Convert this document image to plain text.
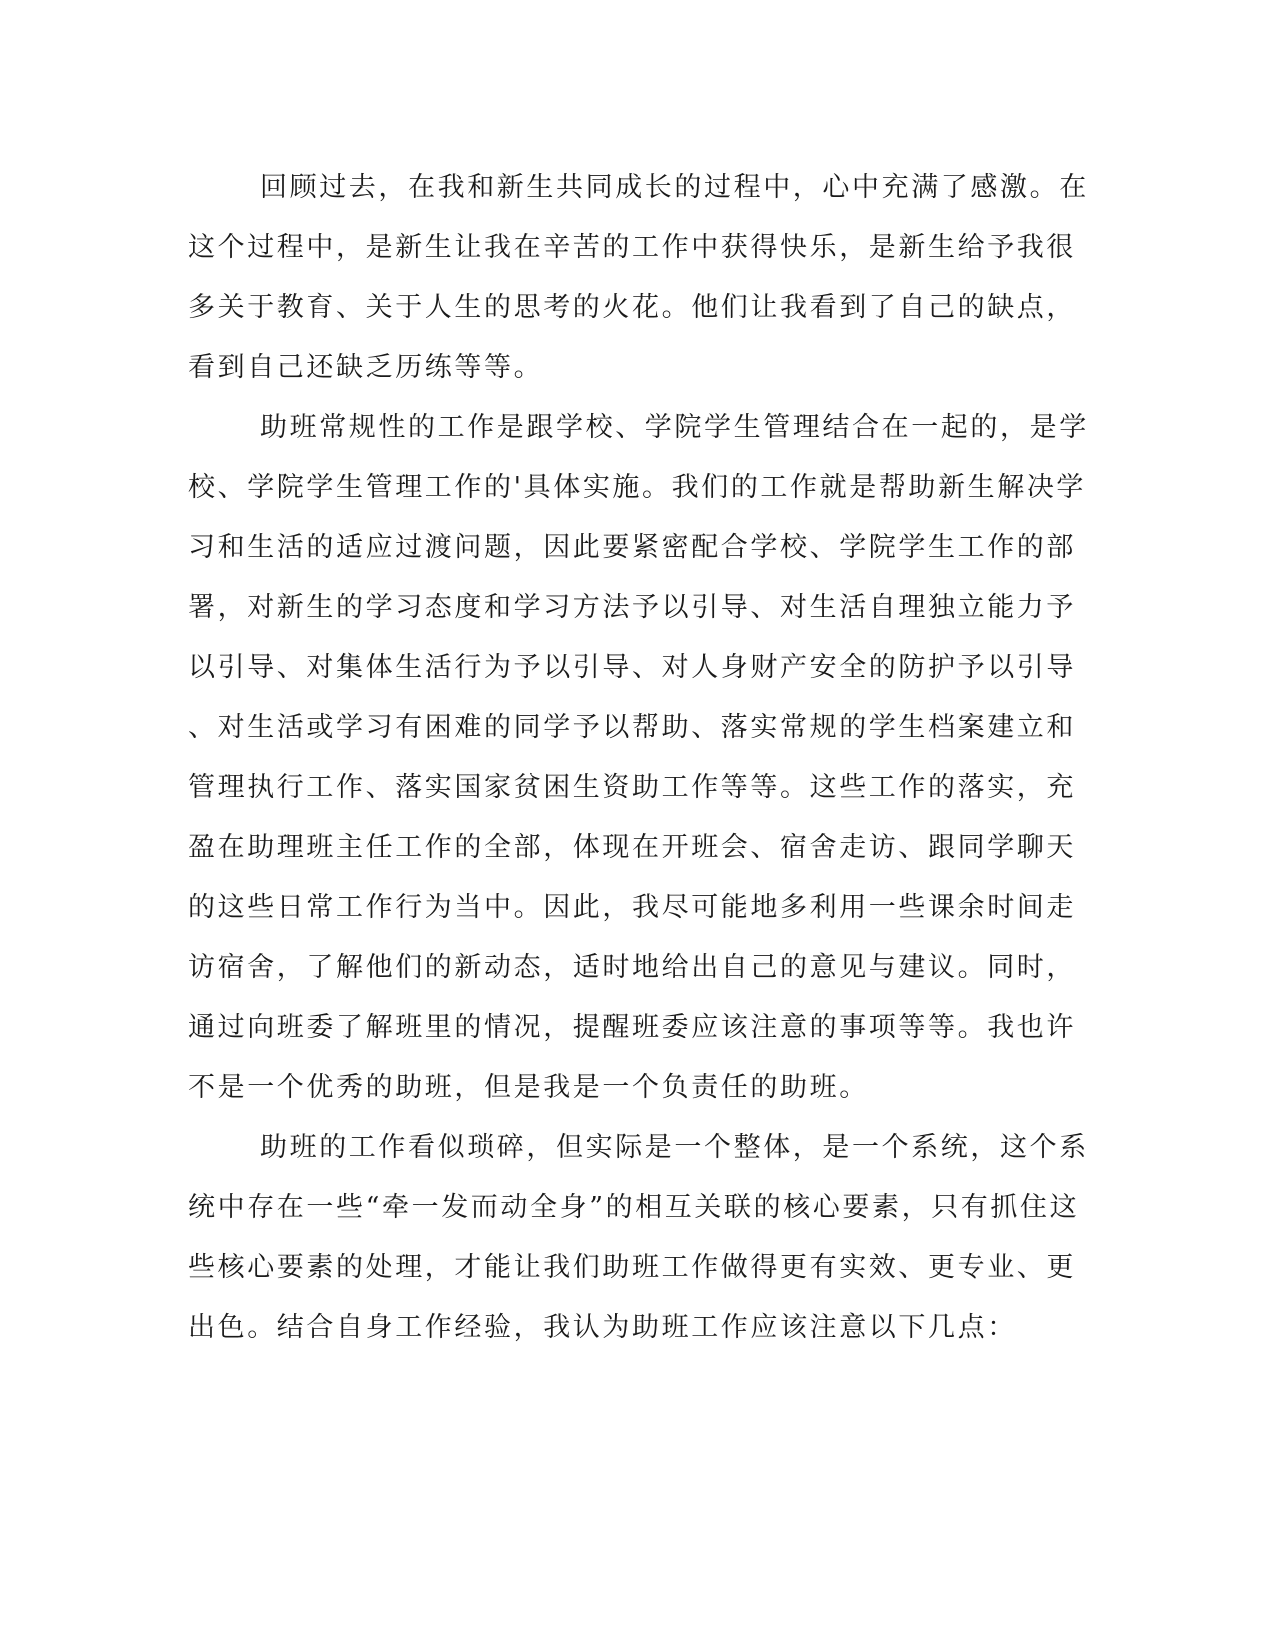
回顾过去，在我和新生共同成长的过程中，心中充满了感激。在
这个过程中，是新生让我在辛苦的工作中获得快乐，是新生给予我很
多关于教育、关于人生的思考的火花。他们让我看到了自己的缺点，
看到自己还缺乏历练等等。
助班常规性的工作是跟学校、学院学生管理结合在一起的，是学
校、学院学生管理工作的'具体实施。我们的工作就是帮助新生解决学
习和生活的适应过渡问题，因此要紧密配合学校、学院学生工作的部
署，对新生的学习态度和学习方法予以引导、对生活自理独立能力予
以引导、对集体生活行为予以引导、对人身财产安全的防护予以引导
、对生活或学习有困难的同学予以帮助、落实常规的学生档案建立和
管理执行工作、落实国家贫困生资助工作等等。这些工作的落实，充
盈在助理班主任工作的全部，体现在开班会、宿舍走访、跟同学聊天
的这些日常工作行为当中。因此，我尽可能地多利用一些课余时间走
访宿舍，了解他们的新动态，适时地给出自己的意见与建议。同时，
通过向班委了解班里的情况，提醒班委应该注意的事项等等。我也许
不是一个优秀的助班，但是我是一个负责任的助班。
助班的工作看似琐碎，但实际是一个整体，是一个系统，这个系
统中存在一些“牵一发而动全身”的相互关联的核心要素，只有抓住这
些核心要素的处理，才能让我们助班工作做得更有实效、更专业、更
出色。结合自身工作经验，我认为助班工作应该注意以下几点：
